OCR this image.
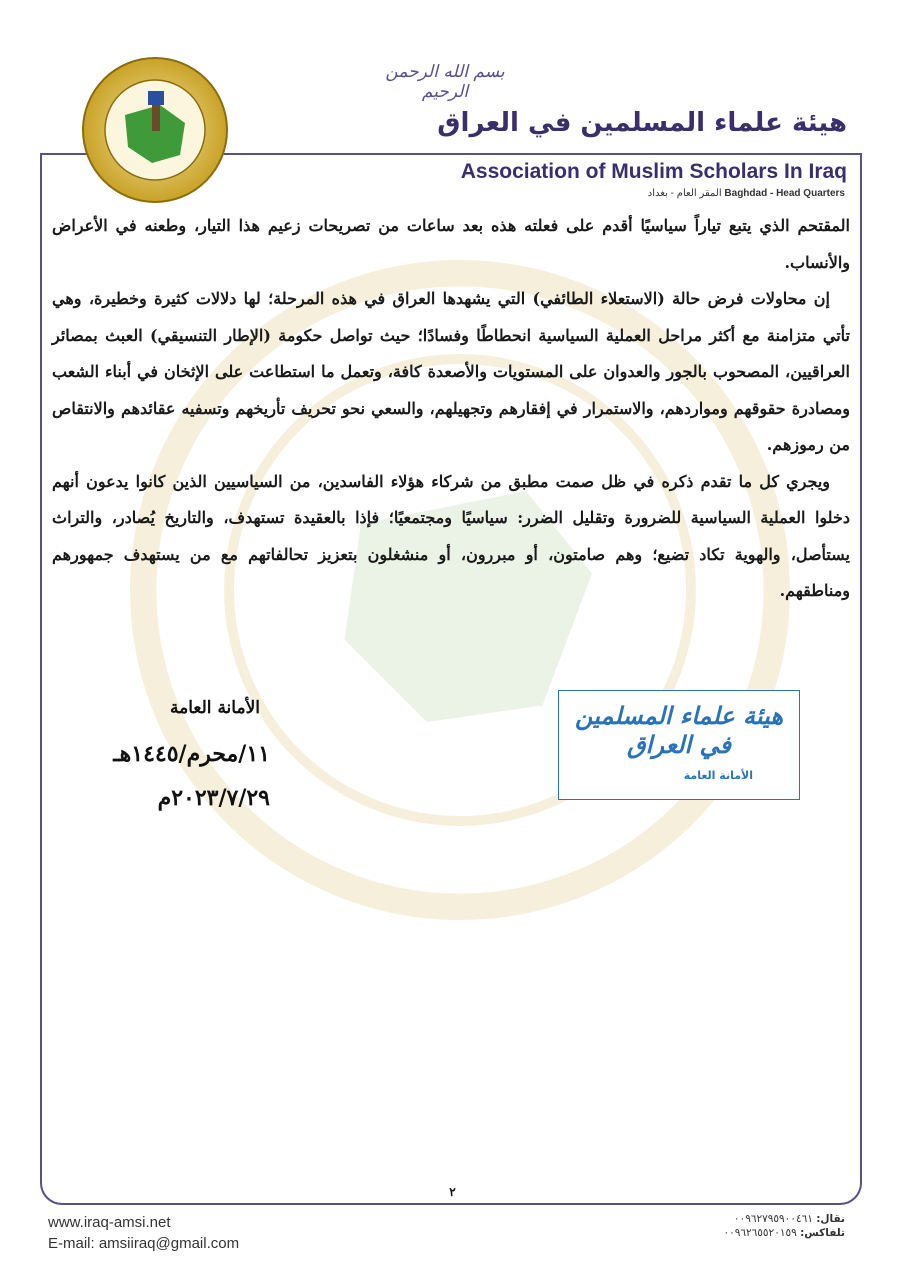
بسم الله الرحمن الرحيم
هيئة علماء المسلمين في العراق
Association of Muslim Scholars In Iraq
المقر العام - بغداد Baghdad - Head Quarters

المقتحم الذي يتبع تياراً سياسيًا أقدم على فعلته هذه بعد ساعات من تصريحات زعيم هذا التيار، وطعنه في الأعراض والأنساب.

إن محاولات فرض حالة (الاستعلاء الطائفي) التي يشهدها العراق في هذه المرحلة؛ لها دلالات كثيرة وخطيرة، وهي تأتي متزامنة مع أكثر مراحل العملية السياسية انحطاطًا وفسادًا؛ حيث تواصل حكومة (الإطار التنسيقي) العبث بمصائر العراقيين، المصحوب بالجور والعدوان على المستويات والأصعدة كافة، وتعمل ما استطاعت على الإثخان في أبناء الشعب ومصادرة حقوقهم ومواردهم، والاستمرار في إفقارهم وتجهيلهم، والسعي نحو تحريف تأريخهم وتسفيه عقائدهم والانتقاص من رموزهم.

ويجري كل ما تقدم ذكره في ظل صمت مطبق من شركاء هؤلاء الفاسدين، من السياسيين الذين كانوا يدعون أنهم دخلوا العملية السياسية للضرورة وتقليل الضرر: سياسيًا ومجتمعيًا؛ فإذا بالعقيدة تستهدف، والتاريخ يُصادر، والتراث يستأصل، والهوية تكاد تضيع؛ وهم صامتون، أو مبررون، أو منشغلون بتعزيز تحالفاتهم مع من يستهدف جمهورهم ومناطقهم.

الأمانة العامة
١١/محرم/١٤٤٥هـ
٢٠٢٣/٧/٢٩م
هيئة علماء المسلمين في العراق
الأمانة العامة
٢
www.iraq-amsi.net
E-mail: amsiiraq@gmail.com
نقال: ٠٠٩٦٢٧٩٥٩٠٠٤٦١
تلفاكس: ٠٠٩٦٢٦٥٥٢٠١٥٩
